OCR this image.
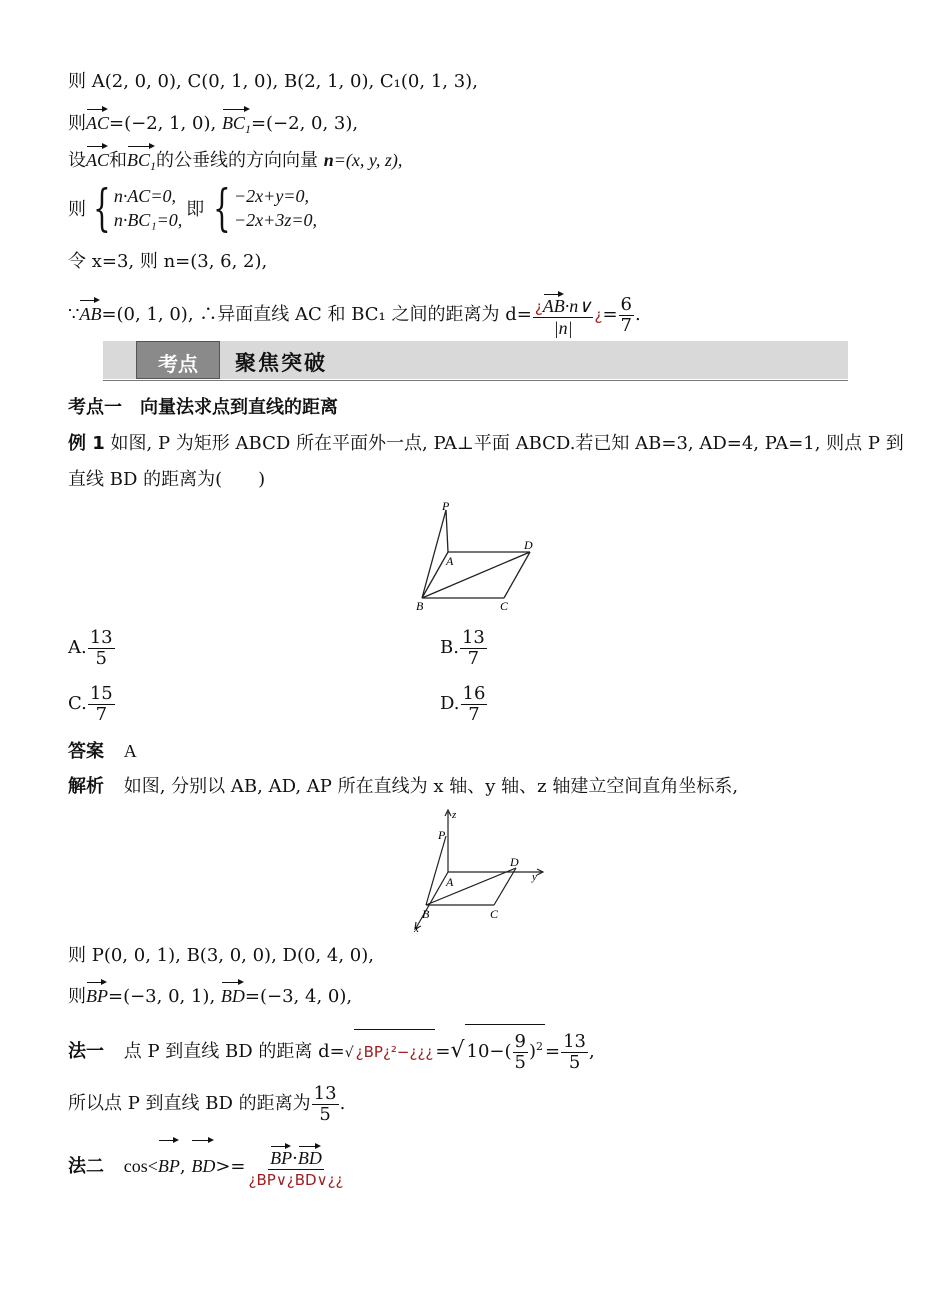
则 A(2, 0, 0), C(0, 1, 0), B(2, 1, 0), C₁(0, 1, 3),
则AC=(−2, 1, 0), $BC_1=(-2$, 0, 3),
设AC和$BC_1$的公垂线的方向向量 n=(x, y, z),
则 { n·AC=0,
n·BC₁=0, 即 { −2x+y=0,
−2x+3z=0,
令 x=3, 则 n=(3, 6, 2),
∵AB=(0, 1, 0), ∴异面直线 AC 和 BC₁ 之间的距离为 $d= \frac{¿AB\cdot n\vee}{|n|}$ ¿= $\frac{6}{7}$ .
考点	聚焦突破
考点一　向量法求点到直线的距离
例 1 如图, P 为矩形 ABCD 所在平面外一点, PA⊥平面 ABCD.若已知 AB=3, AD=4, PA=1, 则点 P 到
直线 BD 的距离为(　　)
P
A
B	C
D
A. $\frac{13}{5}$	B. $\frac{13}{7}$
C. $\frac{15}{7}$	D. $\frac{16}{7}$
答案 A
解析 如图, 分别以 AB, AD, AP 所在直线为 x 轴、y 轴、z 轴建立空间直角坐标系,
P
A
B	C
D
x
y
z
则 P(0, 0, 1), B(3, 0, 0), D(0, 4, 0),
则BP=(−3, 0, 1), BD=(−3, 4, 0),
法一 点 P 到直线 BD 的距离 d=√ ¿BP¿²−¿¿¿ =√ $10-( \frac{9}{5} )^2 = \frac{13}{5}$ ,
所以点 P 到直线 BD 的距离为 $\frac{13}{5}$ .
法二 cos<BP, $BD>= \frac{BP\cdot BD}{¿BP\vee¿BD\vee¿¿}$
